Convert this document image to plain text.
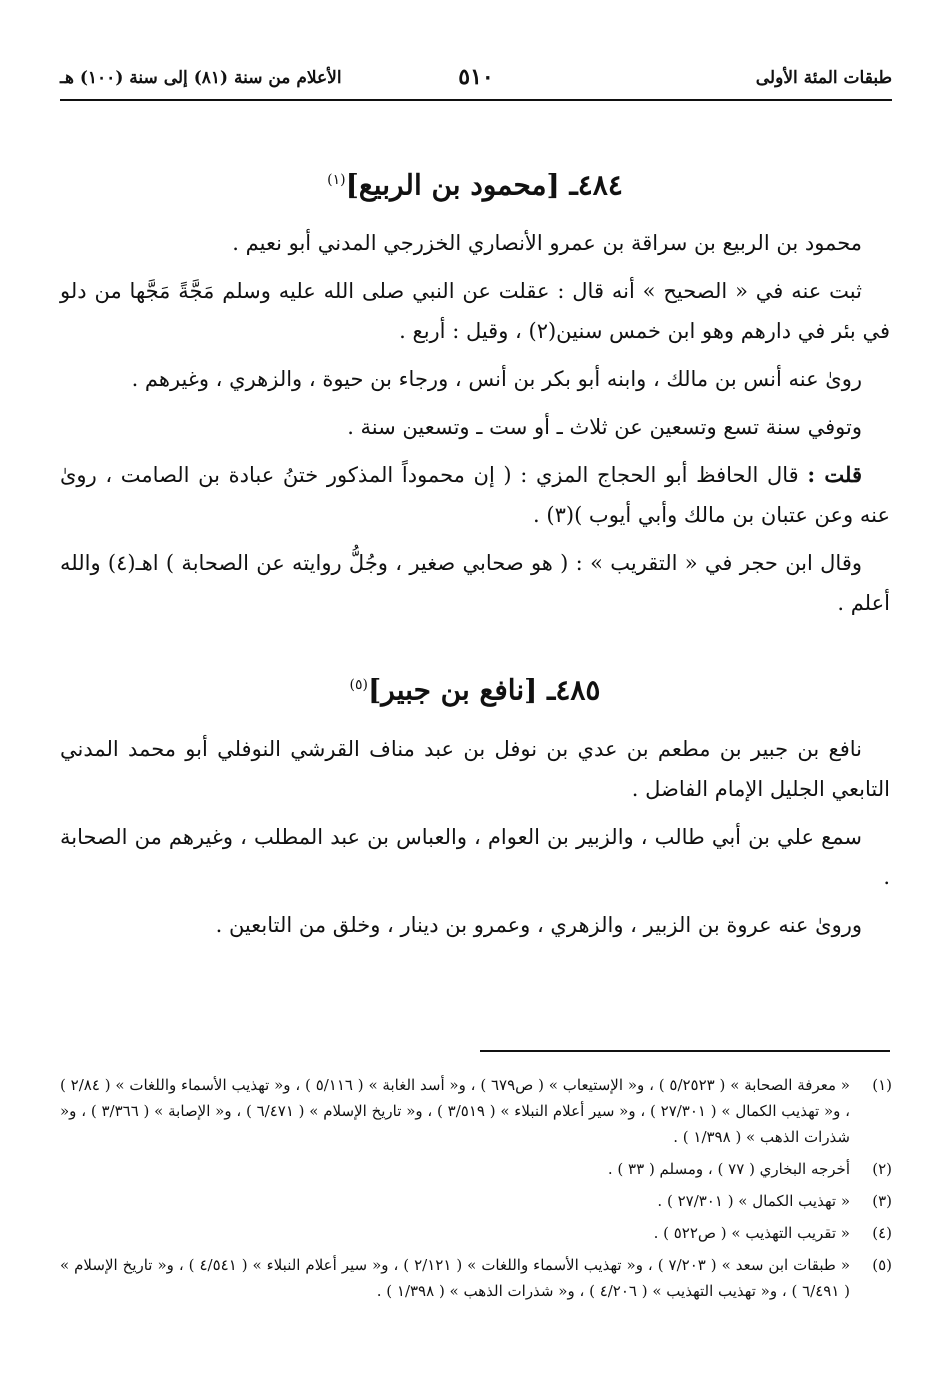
طبقات المئة الأولى
٥١٠
الأعلام من سنة (٨١) إلى سنة (١٠٠) هـ
٤٨٤ـ [محمود بن الربيع]$^{(١)}$

محمود بن الربيع بن سراقة بن عمرو الأنصاري الخزرجي المدني أبو نعيم .

ثبت عنه في « الصحيح » أنه قال : عقلت عن النبي صلى الله عليه وسلم مَجَّةً مَجَّها من دلو في بئر في دارهم وهو ابن خمس سنين(٢) ، وقيل : أربع .

روىٰ عنه أنس بن مالك ، وابنه أبو بكر بن أنس ، ورجاء بن حيوة ، والزهري ، وغيرهم .

وتوفي سنة تسع وتسعين عن ثلاث ـ أو ست ـ وتسعين سنة .

قلت : قال الحافظ أبو الحجاج المزي : ( إن محموداً المذكور ختنُ عبادة بن الصامت ، روىٰ عنه وعن عتبان بن مالك وأبي أيوب )(٣) .

وقال ابن حجر في « التقريب » : ( هو صحابي صغير ، وجُلُّ روايته عن الصحابة ) اهـ(٤) والله أعلم .

٤٨٥ـ [نافع بن جبير]$^{(٥)}$

نافع بن جبير بن مطعم بن عدي بن نوفل بن عبد مناف القرشي النوفلي أبو محمد المدني التابعي الجليل الإمام الفاضل .

سمع علي بن أبي طالب ، والزبير بن العوام ، والعباس بن عبد المطلب ، وغيرهم من الصحابة .

وروىٰ عنه عروة بن الزبير ، والزهري ، وعمرو بن دينار ، وخلق من التابعين .

(١)
« معرفة الصحابة » ( ٥/٢٥٢٣ ) ، و« الإستيعاب » ( ص٦٧٩ ) ، و« أسد الغابة » ( ٥/١١٦ ) ، و« تهذيب الأسماء واللغات » ( ٢/٨٤ ) ، و« تهذيب الكمال » ( ٢٧/٣٠١ ) ، و« سير أعلام النبلاء » ( ٣/٥١٩ ) ، و« تاريخ الإسلام » ( ٦/٤٧١ ) ، و« الإصابة » ( ٣/٣٦٦ ) ، و« شذرات الذهب » ( ١/٣٩٨ ) .
(٢)
أخرجه البخاري ( ٧٧ ) ، ومسلم ( ٣٣ ) .
(٣)
« تهذيب الكمال » ( ٢٧/٣٠١ ) .
(٤)
« تقريب التهذيب » ( ص٥٢٢ ) .
(٥)
« طبقات ابن سعد » ( ٧/٢٠٣ ) ، و« تهذيب الأسماء واللغات » ( ٢/١٢١ ) ، و« سير أعلام النبلاء » ( ٤/٥٤١ ) ، و« تاريخ الإسلام » ( ٦/٤٩١ ) ، و« تهذيب التهذيب » ( ٤/٢٠٦ ) ، و« شذرات الذهب » ( ١/٣٩٨ ) .
